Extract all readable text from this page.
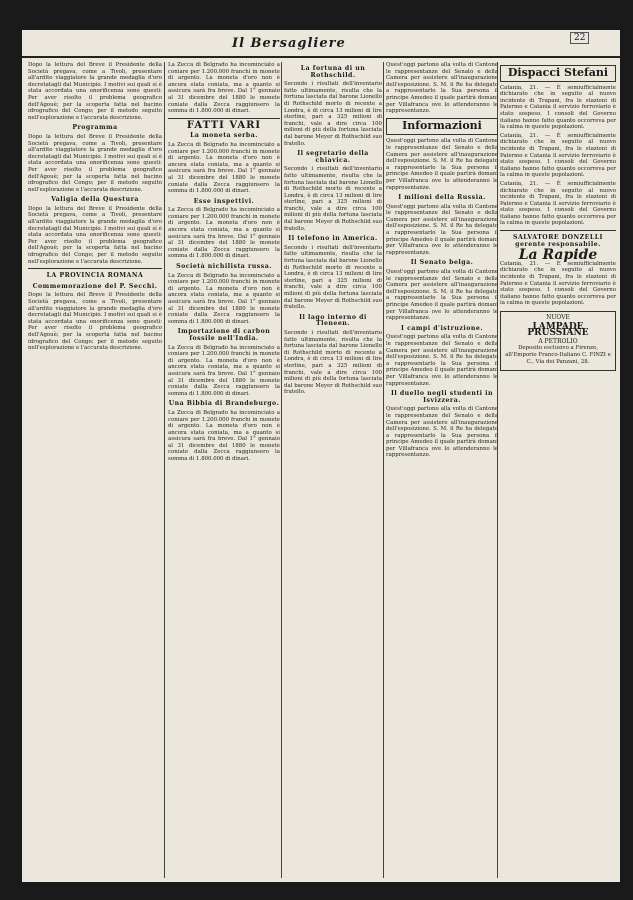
Il Bersagliere	22

Dopo la lettura del Breve il Presidente della Società pregava, come a Tivoli, presentare all'ardito viaggiatore la grande medaglia d'oro decretatagli dal Municipio. I motivi sui quali si è stata accordata una onorificenza sono questi: Per aver risolto il problema geografico dell'Agouè; per la scoperta fatta nel bacino idrografico del Congo; per il metodo seguito nell'esplorazione e l'accurata descrizione.

Programma

Dopo la lettura del Breve il Presidente della Società pregava, come a Tivoli, presentare all'ardito viaggiatore la grande medaglia d'oro decretatagli dal Municipio. I motivi sui quali si è stata accordata una onorificenza sono questi: Per aver risolto il problema geografico dell'Agouè; per la scoperta fatta nel bacino idrografico del Congo; per il metodo seguito nell'esplorazione e l'accurata descrizione.

Valigia della Questura

Dopo la lettura del Breve il Presidente della Società pregava, come a Tivoli, presentare all'ardito viaggiatore la grande medaglia d'oro decretatagli dal Municipio. I motivi sui quali si è stata accordata una onorificenza sono questi: Per aver risolto il problema geografico dell'Agouè; per la scoperta fatta nel bacino idrografico del Congo; per il metodo seguito nell'esplorazione e l'accurata descrizione.

LA PROVINCIA ROMANA
Commemorazione del P. Secchi.

Dopo la lettura del Breve il Presidente della Società pregava, come a Tivoli, presentare all'ardito viaggiatore la grande medaglia d'oro decretatagli dal Municipio. I motivi sui quali si è stata accordata una onorificenza sono questi: Per aver risolto il problema geografico dell'Agouè; per la scoperta fatta nel bacino idrografico del Congo; per il metodo seguito nell'esplorazione e l'accurata descrizione.

La Zecca di Belgrado ha incominciato a coniare per 1.200.000 franchi in monete di argento. La moneta d'oro non è ancora stata coniata, ma a quanto si assicura sarà fra breve. Dal 1° gennaio al 31 dicembre del 1880 le monete coniate dalla Zecca raggiunsero la somma di 1.800.000 di dinari.

FATTI VARI
La moneta serba.

La Zecca di Belgrado ha incominciato a coniare per 1.200.000 franchi in monete di argento. La moneta d'oro non è ancora stata coniata, ma a quanto si assicura sarà fra breve. Dal 1° gennaio al 31 dicembre del 1880 le monete coniate dalla Zecca raggiunsero la somma di 1.800.000 di dinari.

Esse inspettivi.

La Zecca di Belgrado ha incominciato a coniare per 1.200.000 franchi in monete di argento. La moneta d'oro non è ancora stata coniata, ma a quanto si assicura sarà fra breve. Dal 1° gennaio al 31 dicembre del 1880 le monete coniate dalla Zecca raggiunsero la somma di 1.800.000 di dinari.

Società nichilista russa.

La Zecca di Belgrado ha incominciato a coniare per 1.200.000 franchi in monete di argento. La moneta d'oro non è ancora stata coniata, ma a quanto si assicura sarà fra breve. Dal 1° gennaio al 31 dicembre del 1880 le monete coniate dalla Zecca raggiunsero la somma di 1.800.000 di dinari.

Importazione di carbon fossile nell'India.

La Zecca di Belgrado ha incominciato a coniare per 1.200.000 franchi in monete di argento. La moneta d'oro non è ancora stata coniata, ma a quanto si assicura sarà fra breve. Dal 1° gennaio al 31 dicembre del 1880 le monete coniate dalla Zecca raggiunsero la somma di 1.800.000 di dinari.

Una Bibbia di Brandeburgo.

La Zecca di Belgrado ha incominciato a coniare per 1.200.000 franchi in monete di argento. La moneta d'oro non è ancora stata coniata, ma a quanto si assicura sarà fra breve. Dal 1° gennaio al 31 dicembre del 1880 le monete coniate dalla Zecca raggiunsero la somma di 1.800.000 di dinari.

La fortuna di un Rothschild.

Secondo i risultati dell'inventario fatto ultimamente, risulta che la fortuna lasciata dal barone Lionello di Rothschild morto di recente a Londra, è di circa 13 milioni di lire sterline, pari a 325 milioni di franchi, vale a dire circa 100 milioni di più della fortuna lasciata dal barone Meyer di Rothschild suo fratello.

Il segretario della chiavica.

Secondo i risultati dell'inventario fatto ultimamente, risulta che la fortuna lasciata dal barone Lionello di Rothschild morto di recente a Londra, è di circa 13 milioni di lire sterline, pari a 325 milioni di franchi, vale a dire circa 100 milioni di più della fortuna lasciata dal barone Meyer di Rothschild suo fratello.

Il telefono in America.

Secondo i risultati dell'inventario fatto ultimamente, risulta che la fortuna lasciata dal barone Lionello di Rothschild morto di recente a Londra, è di circa 13 milioni di lire sterline, pari a 325 milioni di franchi, vale a dire circa 100 milioni di più della fortuna lasciata dal barone Meyer di Rothschild suo fratello.

Il lago interno di Tleneen.

Secondo i risultati dell'inventario fatto ultimamente, risulta che la fortuna lasciata dal barone Lionello di Rothschild morto di recente a Londra, è di circa 13 milioni di lire sterline, pari a 325 milioni di franchi, vale a dire circa 100 milioni di più della fortuna lasciata dal barone Meyer di Rothschild suo fratello.

Quest'oggi partono alla volta di Cantone le rappresentanze del Senato e della Camera per assistere all'inaugurazione dell'esposizione. S. M. il Re ha delegato a rappresentarlo la Sua persona il principe Amedeo il quale partirà domani per Villafranca ove lo attenderanno le rappresentanze.

Informazioni

Quest'oggi partono alla volta di Cantone le rappresentanze del Senato e della Camera per assistere all'inaugurazione dell'esposizione. S. M. il Re ha delegato a rappresentarlo la Sua persona il principe Amedeo il quale partirà domani per Villafranca ove lo attenderanno le rappresentanze.

I milioni della Russia.

Quest'oggi partono alla volta di Cantone le rappresentanze del Senato e della Camera per assistere all'inaugurazione dell'esposizione. S. M. il Re ha delegato a rappresentarlo la Sua persona il principe Amedeo il quale partirà domani per Villafranca ove lo attenderanno le rappresentanze.

Il Senato belga.

Quest'oggi partono alla volta di Cantone le rappresentanze del Senato e della Camera per assistere all'inaugurazione dell'esposizione. S. M. il Re ha delegato a rappresentarlo la Sua persona il principe Amedeo il quale partirà domani per Villafranca ove lo attenderanno le rappresentanze.

I campi d'istruzione.

Quest'oggi partono alla volta di Cantone le rappresentanze del Senato e della Camera per assistere all'inaugurazione dell'esposizione. S. M. il Re ha delegato a rappresentarlo la Sua persona il principe Amedeo il quale partirà domani per Villafranca ove lo attenderanno le rappresentanze.

Il duello negli studenti in Isvizzera.

Quest'oggi partono alla volta di Cantone le rappresentanze del Senato e della Camera per assistere all'inaugurazione dell'esposizione. S. M. il Re ha delegato a rappresentarlo la Sua persona il principe Amedeo il quale partirà domani per Villafranca ove lo attenderanno le rappresentanze.

Dispacci Stefani

Catania, 21. — È semiufficialmente dichiarato che in seguito al nuovo incidente di Trapani, fra le stazioni di Palermo e Catania il servizio ferroviario è stato sospeso. I consoli del Governo italiano hanno fatto quanto occorreva per la calma in queste popolazioni.

Catania, 21. — È semiufficialmente dichiarato che in seguito al nuovo incidente di Trapani, fra le stazioni di Palermo e Catania il servizio ferroviario è stato sospeso. I consoli del Governo italiano hanno fatto quanto occorreva per la calma in queste popolazioni.

Catania, 21. — È semiufficialmente dichiarato che in seguito al nuovo incidente di Trapani, fra le stazioni di Palermo e Catania il servizio ferroviario è stato sospeso. I consoli del Governo italiano hanno fatto quanto occorreva per la calma in queste popolazioni.

SALVATORE DONZELLI gerente responsabile.
La Rapide

Catania, 21. — È semiufficialmente dichiarato che in seguito al nuovo incidente di Trapani, fra le stazioni di Palermo e Catania il servizio ferroviario è stato sospeso. I consoli del Governo italiano hanno fatto quanto occorreva per la calma in queste popolazioni.

NUOVE
LAMPADE PRUSSIANE
A PETROLIO

Deposito esclusivo a Firenze, all'Emporio Franco-Italiano C. FINZI e C., Via dei Panzani, 28.
